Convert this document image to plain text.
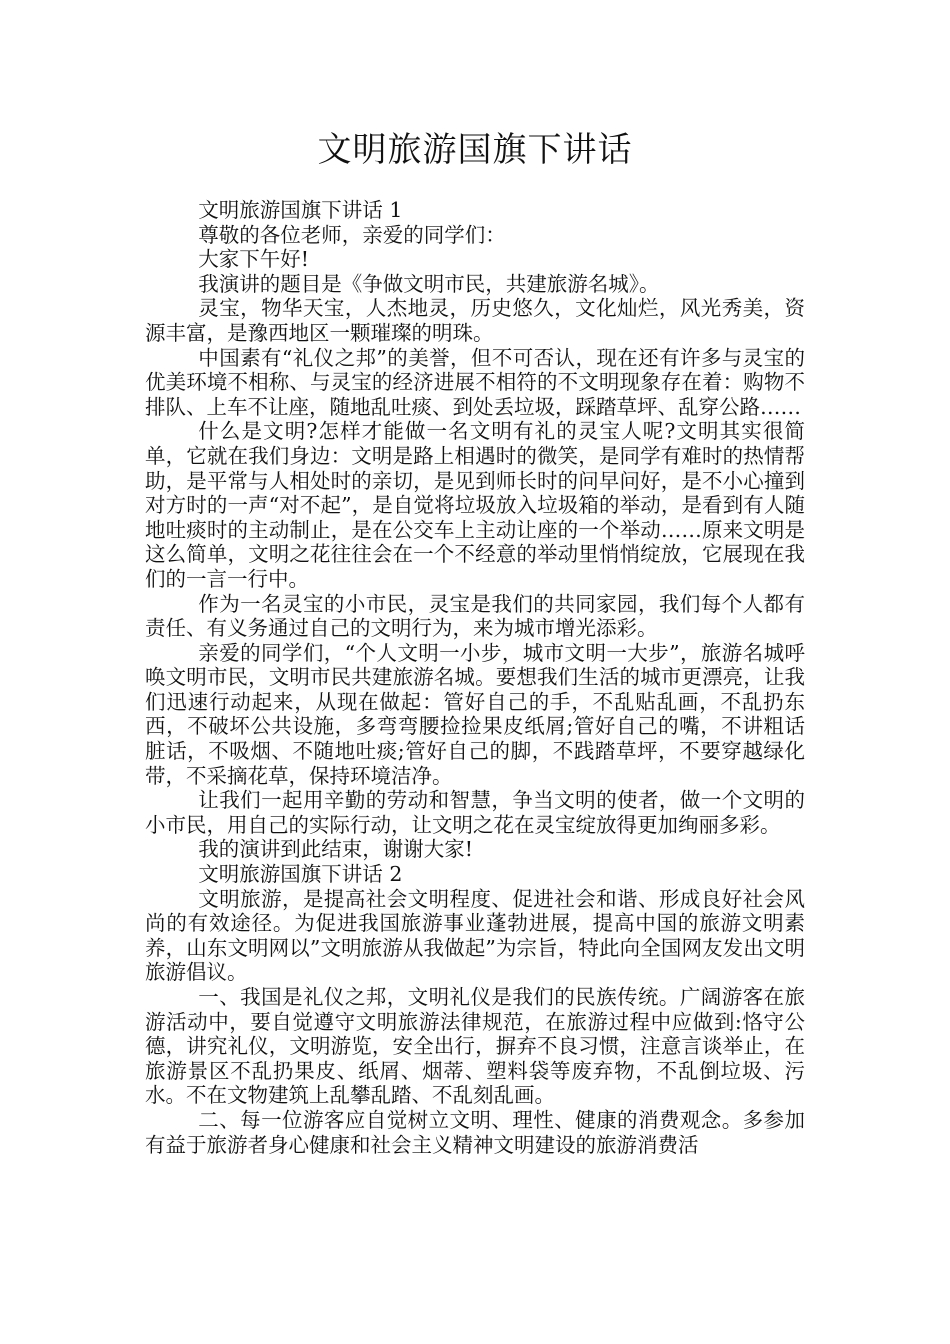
文明旅游国旗下讲话

文明旅游国旗下讲话 1

尊敬的各位老师，亲爱的同学们：

大家下午好!

我演讲的题目是《争做文明市民，共建旅游名城》。

灵宝，物华天宝，人杰地灵，历史悠久，文化灿烂，风光秀美，资源丰富，是豫西地区一颗璀璨的明珠。

中国素有“礼仪之邦”的美誉，但不可否认，现在还有许多与灵宝的优美环境不相称、与灵宝的经济进展不相符的不文明现象存在着：购物不排队、上车不让座，随地乱吐痰、到处丢垃圾，踩踏草坪、乱穿公路……

什么是文明?怎样才能做一名文明有礼的灵宝人呢?文明其实很简单，它就在我们身边：文明是路上相遇时的微笑，是同学有难时的热情帮助，是平常与人相处时的亲切，是见到师长时的问早问好，是不小心撞到对方时的一声“对不起”，是自觉将垃圾放入垃圾箱的举动，是看到有人随地吐痰时的主动制止，是在公交车上主动让座的一个举动……原来文明是这么简单，文明之花往往会在一个不经意的举动里悄悄绽放，它展现在我们的一言一行中。

作为一名灵宝的小市民，灵宝是我们的共同家园，我们每个人都有责任、有义务通过自己的文明行为，来为城市增光添彩。

亲爱的同学们，“个人文明一小步，城市文明一大步”，旅游名城呼唤文明市民，文明市民共建旅游名城。要想我们生活的城市更漂亮，让我们迅速行动起来，从现在做起：管好自己的手，不乱贴乱画，不乱扔东西，不破坏公共设施，多弯弯腰捡捡果皮纸屑;管好自己的嘴，不讲粗话脏话，不吸烟、不随地吐痰;管好自己的脚，不践踏草坪，不要穿越绿化带，不采摘花草，保持环境洁净。

让我们一起用辛勤的劳动和智慧，争当文明的使者，做一个文明的小市民，用自己的实际行动，让文明之花在灵宝绽放得更加绚丽多彩。

我的演讲到此结束，谢谢大家!

文明旅游国旗下讲话 2

文明旅游，是提高社会文明程度、促进社会和谐、形成良好社会风尚的有效途径。为促进我国旅游事业蓬勃进展，提高中国的旅游文明素养，山东文明网以”文明旅游从我做起”为宗旨，特此向全国网友发出文明旅游倡议。

一、我国是礼仪之邦，文明礼仪是我们的民族传统。广阔游客在旅游活动中，要自觉遵守文明旅游法律规范，在旅游过程中应做到:恪守公德，讲究礼仪，文明游览，安全出行，摒弃不良习惯，注意言谈举止，在旅游景区不乱扔果皮、纸屑、烟蒂、塑料袋等废弃物，不乱倒垃圾、污水。不在文物建筑上乱攀乱踏、不乱刻乱画。

二、每一位游客应自觉树立文明、理性、健康的消费观念。多参加有益于旅游者身心健康和社会主义精神文明建设的旅游消费活
